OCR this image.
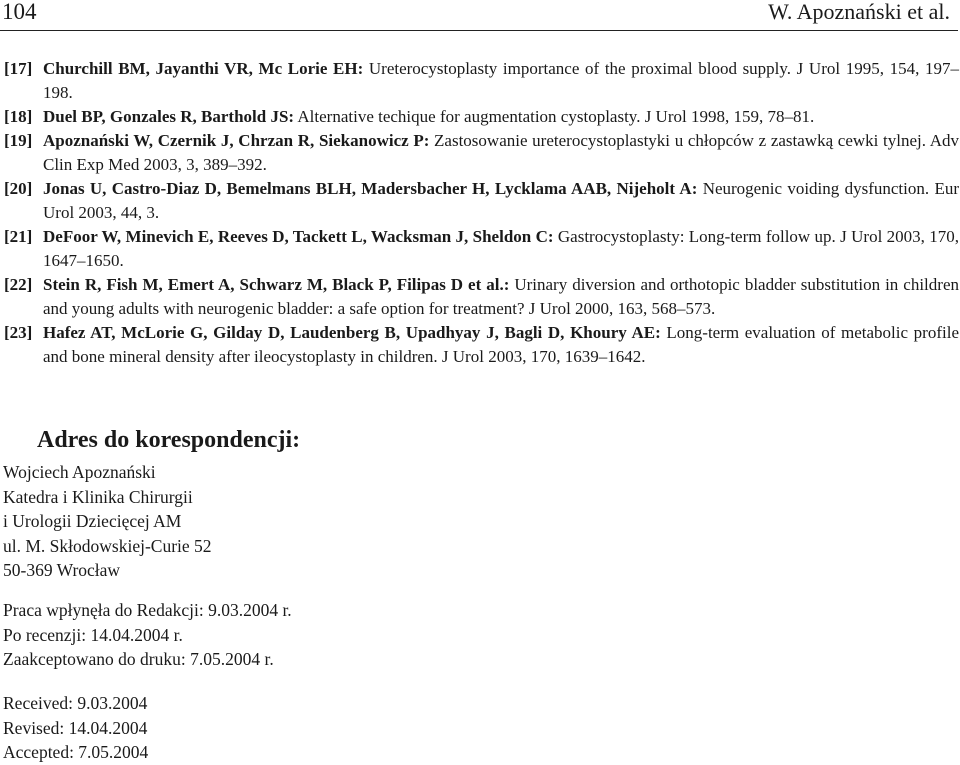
104	W. Apoznański et al.
[17] Churchill BM, Jayanthi VR, Mc Lorie EH: Ureterocystoplasty importance of the proximal blood supply. J Urol 1995, 154, 197–198.
[18] Duel BP, Gonzales R, Barthold JS: Alternative techique for augmentation cystoplasty. J Urol 1998, 159, 78–81.
[19] Apoznański W, Czernik J, Chrzan R, Siekanowicz P: Zastosowanie ureterocystoplastyki u chłopców z zastawką cewki tylnej. Adv Clin Exp Med 2003, 3, 389–392.
[20] Jonas U, Castro-Diaz D, Bemelmans BLH, Madersbacher H, Lycklama AAB, Nijeholt A: Neurogenic voiding dysfunction. Eur Urol 2003, 44, 3.
[21] DeFoor W, Minevich E, Reeves D, Tackett L, Wacksman J, Sheldon C: Gastrocystoplasty: Long-term follow up. J Urol 2003, 170, 1647–1650.
[22] Stein R, Fish M, Emert A, Schwarz M, Black P, Filipas D et al.: Urinary diversion and orthotopic bladder substitution in children and young adults with neurogenic bladder: a safe option for treatment? J Urol 2000, 163, 568–573.
[23] Hafez AT, McLorie G, Gilday D, Laudenberg B, Upadhyay J, Bagli D, Khoury AE: Long-term evaluation of metabolic profile and bone mineral density after ileocystoplasty in children. J Urol 2003, 170, 1639–1642.
Adres do korespondencji:
Wojciech Apoznański
Katedra i Klinika Chirurgii
i Urologii Dziecięcej AM
ul. M. Skłodowskiej-Curie 52
50-369 Wrocław
Praca wpłynęła do Redakcji: 9.03.2004 r.
Po recenzji: 14.04.2004 r.
Zaakceptowano do druku: 7.05.2004 r.
Received: 9.03.2004
Revised: 14.04.2004
Accepted: 7.05.2004
